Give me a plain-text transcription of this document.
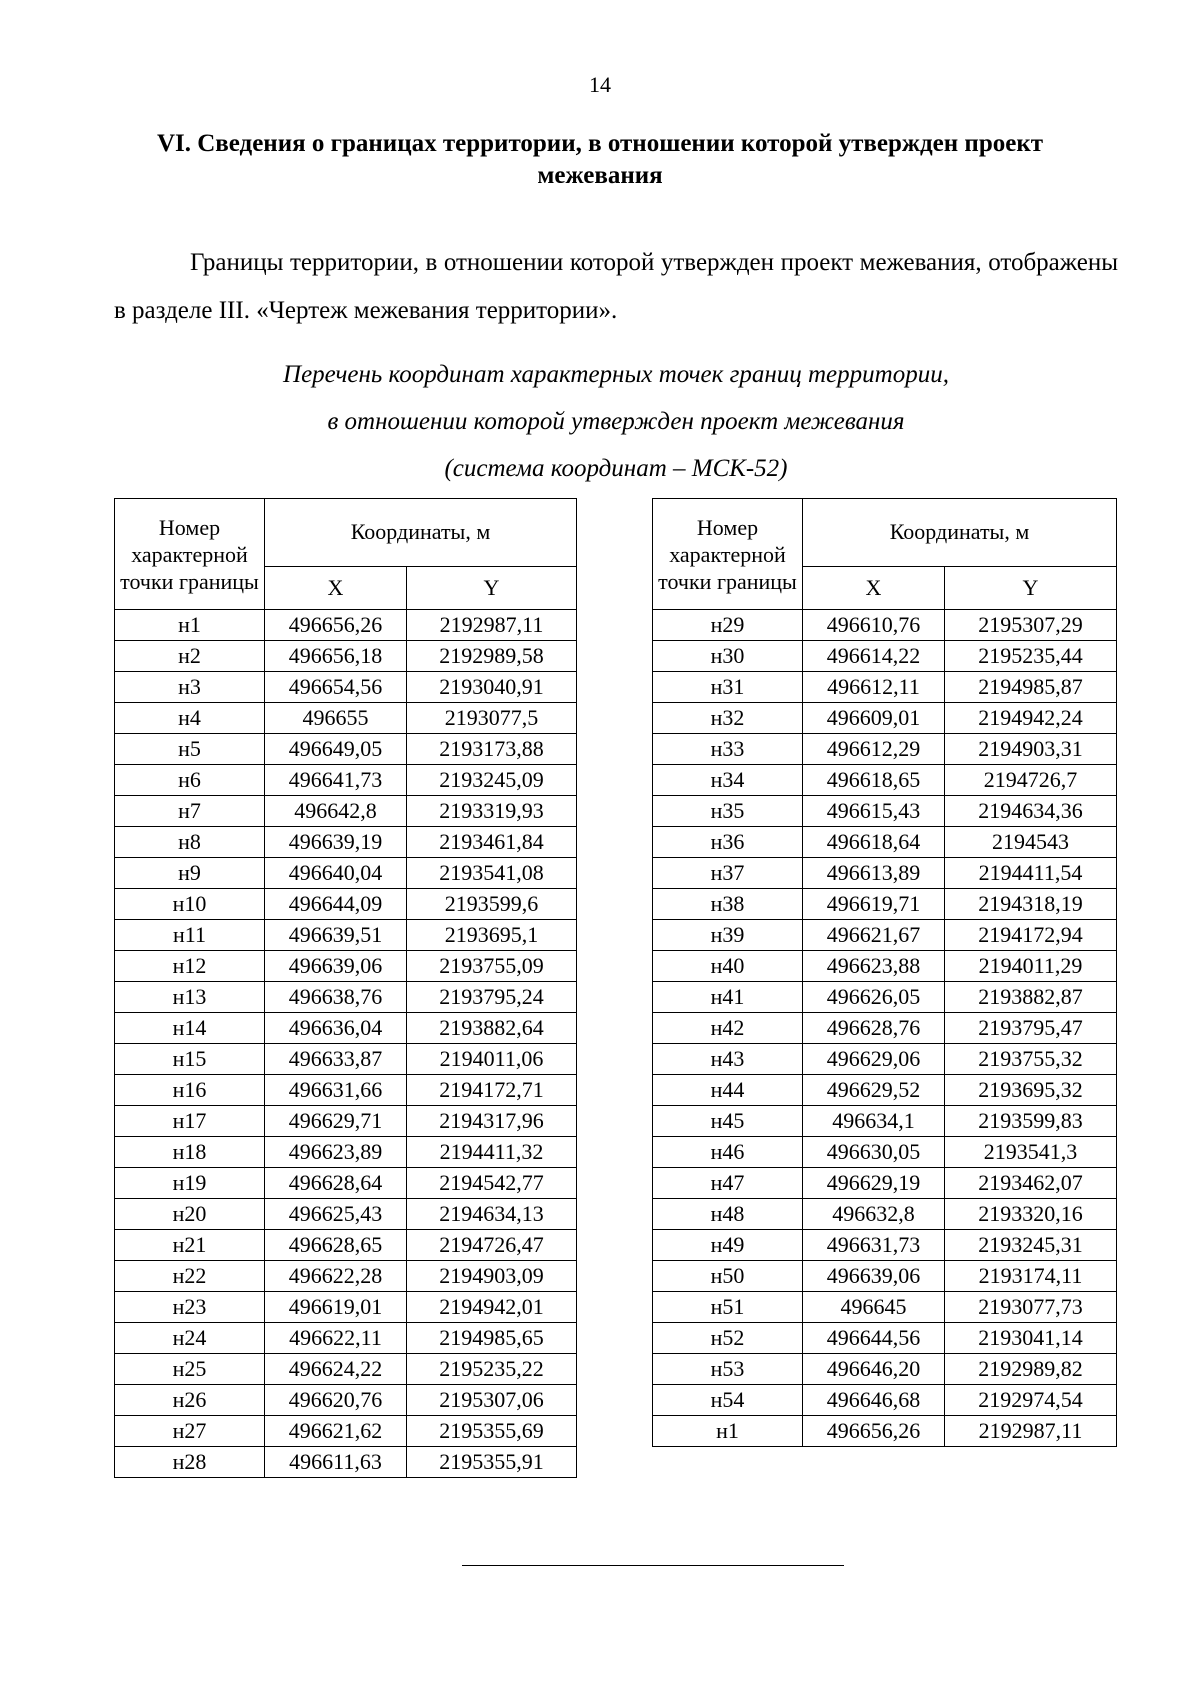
14
VI. Сведения о границах территории, в отношении которой утвержден проект межевания
Границы территории, в отношении которой утвержден проект межевания, отображены в разделе III. «Чертеж межевания территории».
Перечень координат характерных точек границ территории,
в отношении которой утвержден проект межевания
(система координат – МСК-52)
Номер характерной точки границы	Координаты, м	
	X	Y
н1	496656,26	2192987,11
н2	496656,18	2192989,58
н3	496654,56	2193040,91
н4	496655	2193077,5
н5	496649,05	2193173,88
н6	496641,73	2193245,09
н7	496642,8	2193319,93
н8	496639,19	2193461,84
н9	496640,04	2193541,08
н10	496644,09	2193599,6
н11	496639,51	2193695,1
н12	496639,06	2193755,09
н13	496638,76	2193795,24
н14	496636,04	2193882,64
н15	496633,87	2194011,06
н16	496631,66	2194172,71
н17	496629,71	2194317,96
н18	496623,89	2194411,32
н19	496628,64	2194542,77
н20	496625,43	2194634,13
н21	496628,65	2194726,47
н22	496622,28	2194903,09
н23	496619,01	2194942,01
н24	496622,11	2194985,65
н25	496624,22	2195235,22
н26	496620,76	2195307,06
н27	496621,62	2195355,69
н28	496611,63	2195355,91
Номер характерной точки границы	Координаты, м	
	X	Y
н29	496610,76	2195307,29
н30	496614,22	2195235,44
н31	496612,11	2194985,87
н32	496609,01	2194942,24
н33	496612,29	2194903,31
н34	496618,65	2194726,7
н35	496615,43	2194634,36
н36	496618,64	2194543
н37	496613,89	2194411,54
н38	496619,71	2194318,19
н39	496621,67	2194172,94
н40	496623,88	2194011,29
н41	496626,05	2193882,87
н42	496628,76	2193795,47
н43	496629,06	2193755,32
н44	496629,52	2193695,32
н45	496634,1	2193599,83
н46	496630,05	2193541,3
н47	496629,19	2193462,07
н48	496632,8	2193320,16
н49	496631,73	2193245,31
н50	496639,06	2193174,11
н51	496645	2193077,73
н52	496644,56	2193041,14
н53	496646,20	2192989,82
н54	496646,68	2192974,54
н1	496656,26	2192987,11
